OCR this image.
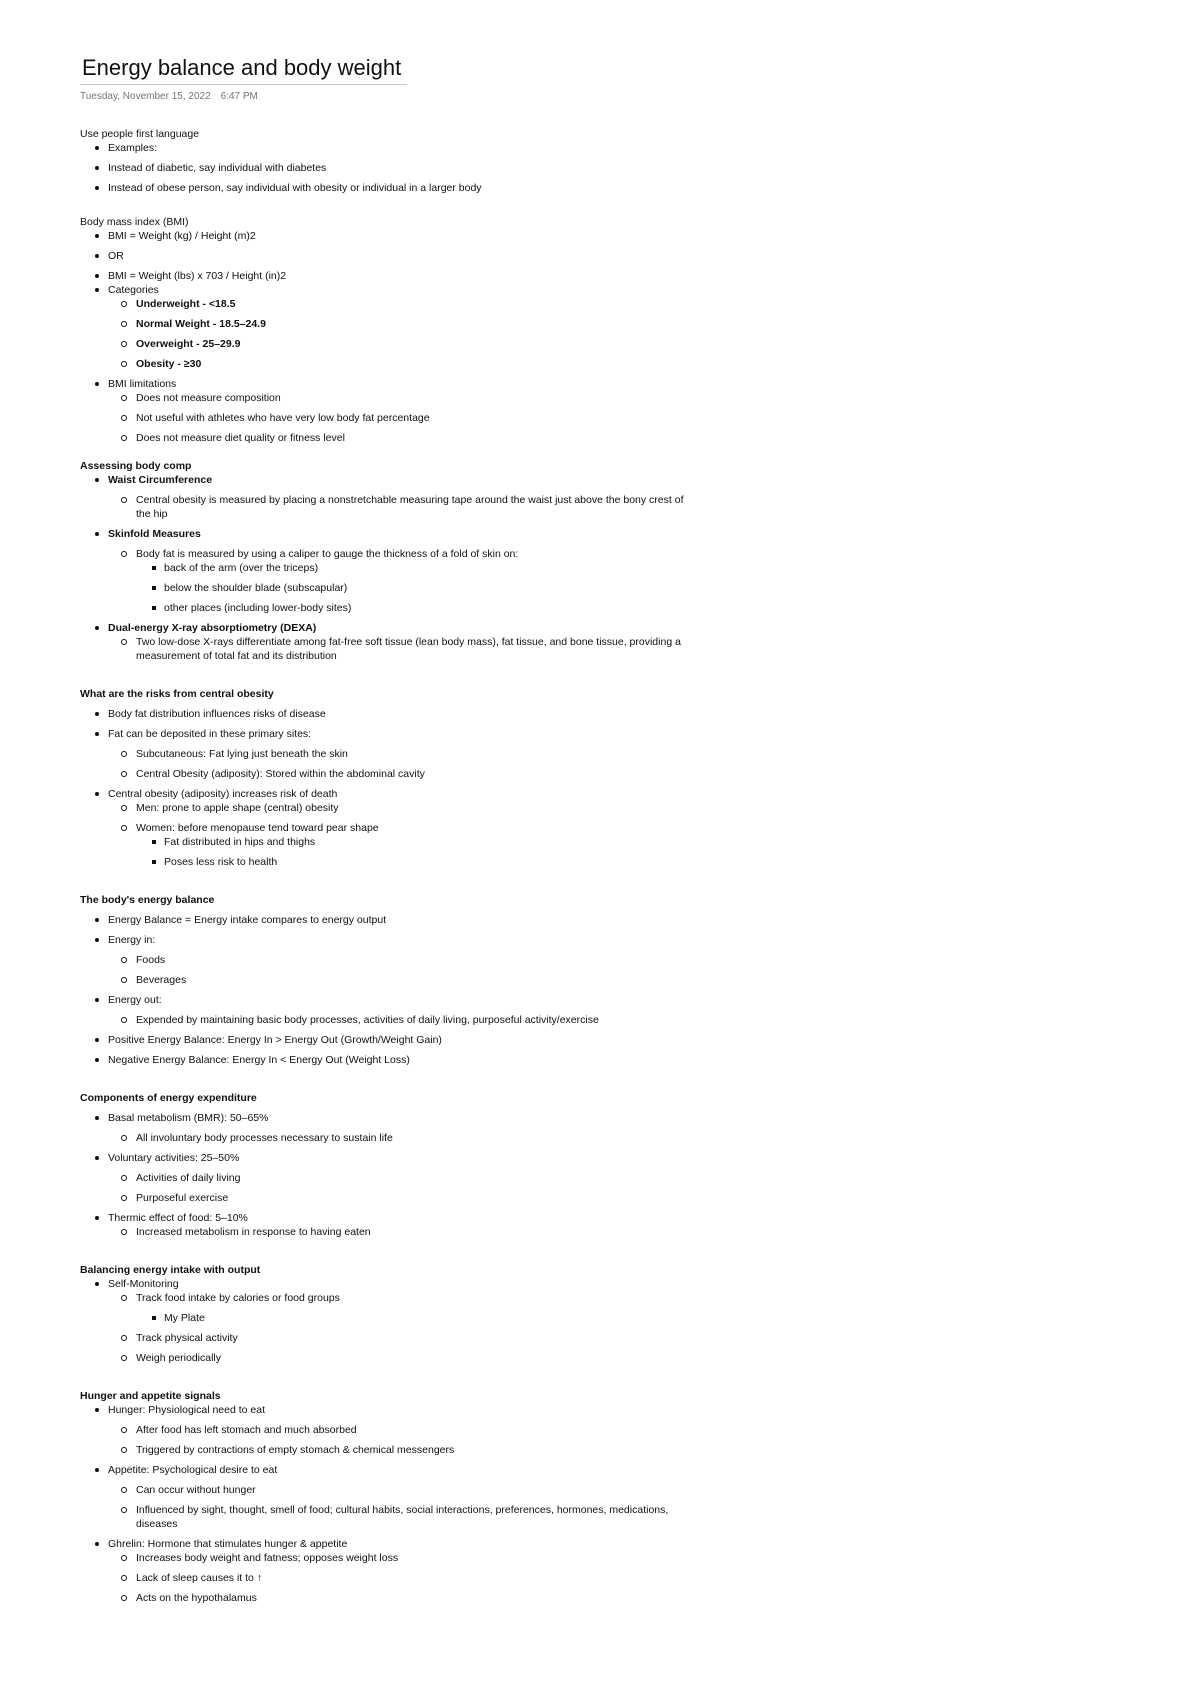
Energy balance and body weight
Tuesday, November 15, 2022 6:47 PM
Use people first language
Examples:
Instead of diabetic, say individual with diabetes
Instead of obese person, say individual with obesity or individual in a larger body
Body mass index (BMI)
BMI = Weight (kg) / Height (m)2
OR
BMI = Weight (lbs) x 703 / Height (in)2
Categories
Underweight - <18.5
Normal Weight - 18.5–24.9
Overweight - 25–29.9
Obesity - ≥30
BMI limitations
Does not measure composition
Not useful with athletes who have very low body fat percentage
Does not measure diet quality or fitness level
Assessing body comp
Waist Circumference
Central obesity is measured by placing a nonstretchable measuring tape around the waist just above the bony crest of the hip
Skinfold Measures
Body fat is measured by using a caliper to gauge the thickness of a fold of skin on:
back of the arm (over the triceps)
below the shoulder blade (subscapular)
other places (including lower-body sites)
Dual-energy X-ray absorptiometry (DEXA)
Two low-dose X-rays differentiate among fat-free soft tissue (lean body mass), fat tissue, and bone tissue, providing a measurement of total fat and its distribution
What are the risks from central obesity
Body fat distribution influences risks of disease
Fat can be deposited in these primary sites:
Subcutaneous: Fat lying just beneath the skin
Central Obesity (adiposity): Stored within the abdominal cavity
Central obesity (adiposity) increases risk of death
Men: prone to apple shape (central) obesity
Women: before menopause tend toward pear shape
Fat distributed in hips and thighs
Poses less risk to health
The body's energy balance
Energy Balance = Energy intake compares to energy output
Energy in:
Foods
Beverages
Energy out:
Expended by maintaining basic body processes, activities of daily living, purposeful activity/exercise
Positive Energy Balance: Energy In > Energy Out (Growth/Weight Gain)
Negative Energy Balance: Energy In < Energy Out (Weight Loss)
Components of energy expenditure
Basal metabolism (BMR): 50–65%
All involuntary body processes necessary to sustain life
Voluntary activities: 25–50%
Activities of daily living
Purposeful exercise
Thermic effect of food: 5–10%
Increased metabolism in response to having eaten
Balancing energy intake with output
Self-Monitoring
Track food intake by calories or food groups
My Plate
Track physical activity
Weigh periodically
Hunger and appetite signals
Hunger: Physiological need to eat
After food has left stomach and much absorbed
Triggered by contractions of empty stomach & chemical messengers
Appetite: Psychological desire to eat
Can occur without hunger
Influenced by sight, thought, smell of food; cultural habits, social interactions, preferences, hormones, medications, diseases
Ghrelin: Hormone that stimulates hunger & appetite
Increases body weight and fatness; opposes weight loss
Lack of sleep causes it to ↑
Acts on the hypothalamus
